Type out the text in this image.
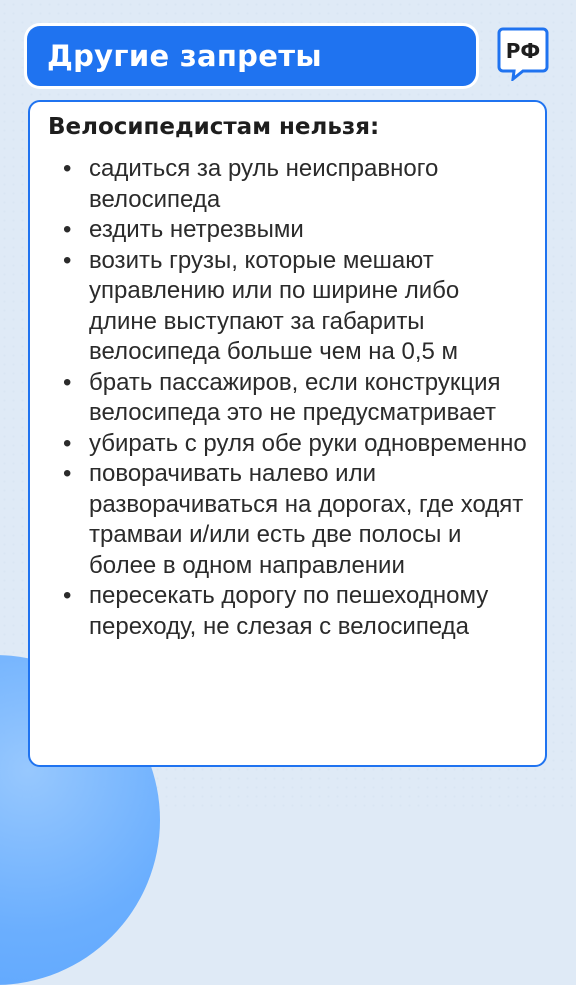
Другие запреты	РФ
Велосипедистам нельзя:
• садиться за руль неисправного велосипеда
• ездить нетрезвыми
• возить грузы, которые мешают управлению или по ширине либо длине выступают за габариты велосипеда больше чем на 0,5 м
• брать пассажиров, если конструкция велосипеда это не предусматривает
• убирать с руля обе руки одновременно
• поворачивать налево или разворачиваться на дорогах, где ходят трамваи и/или есть две полосы и более в одном направлении
• пересекать дорогу по пешеходному переходу, не слезая с велосипеда
